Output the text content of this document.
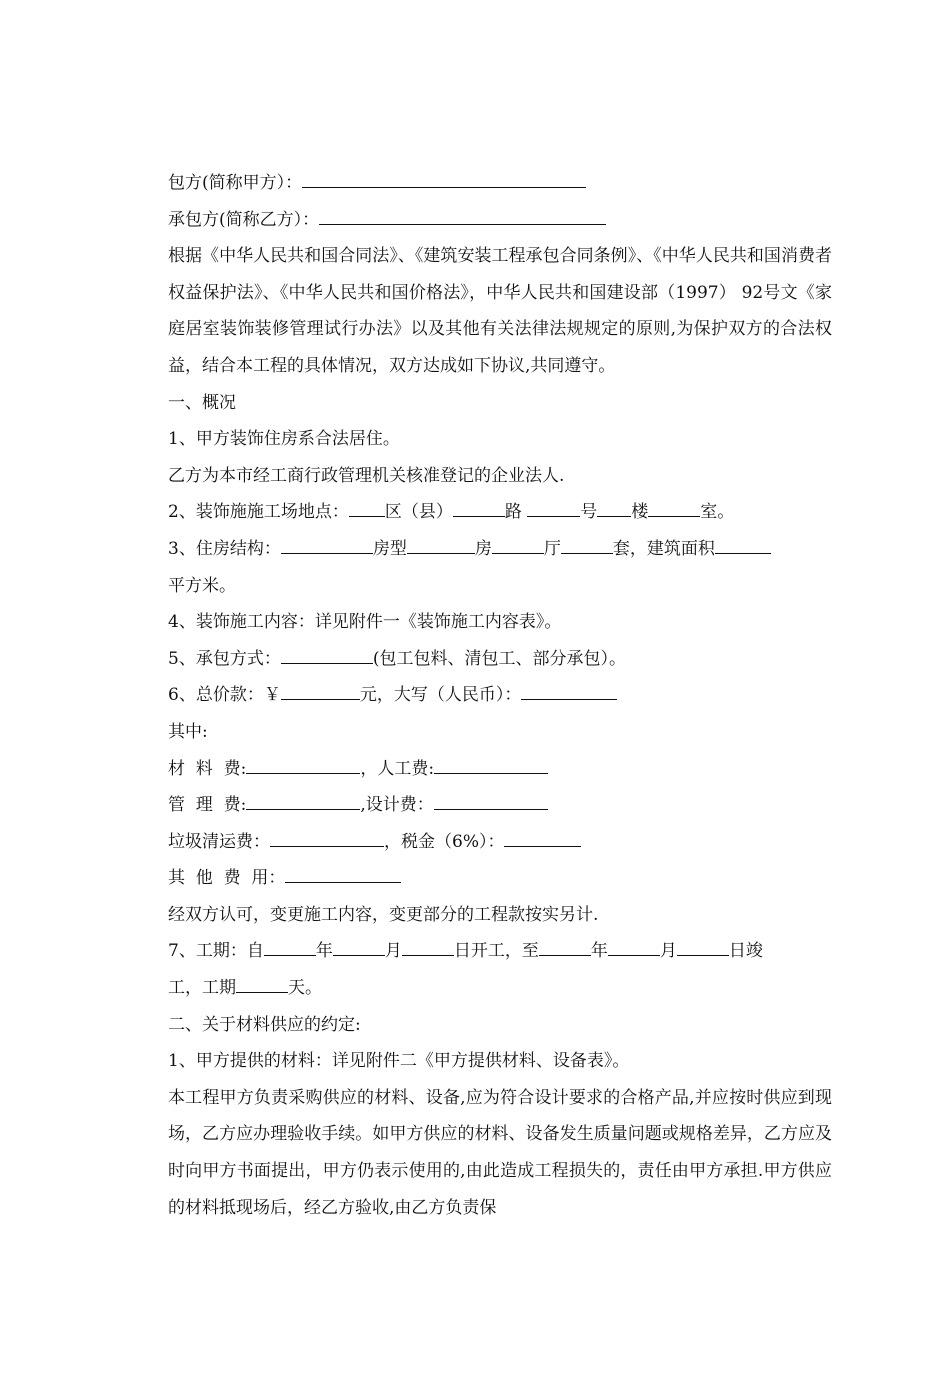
包方(简称甲方）：
承包方(简称乙方）：
根据《中华人民共和国合同法》、《建筑安装工程承包合同条例》、《中华人民共和国消费者权益保护法》、《中华人民共和国价格法》，中华人民共和国建设部（1997） 92号文《家庭居室装饰装修管理试行办法》以及其他有关法律法规规定的原则,为保护双方的合法权益，结合本工程的具体情况，双方达成如下协议,共同遵守。
一、概况
1、甲方装饰住房系合法居住。
乙方为本市经工商行政管理机关核准登记的企业法人.
2、装饰施施工场地点： 区（县）	路	号 楼	室。
3、住房结构：	房型	房	厅	套，建筑面积
平方米。
4、装饰施工内容：详见附件一《装饰施工内容表》。
5、承包方式：	(包工包料、清包工、部分承包）。
6、总价款：￥	元，大写（人民币）：
其中:
材  料  费:	，人工费:
管  理  费:	,设计费：
垃圾清运费：	，税金（6%）：
其  他  费  用：
经双方认可，变更施工内容，变更部分的工程款按实另计.
7、工期：自	年	月	日开工，至	年	月	日竣
工，工期	天。
二、关于材料供应的约定:
1、甲方提供的材料：详见附件二《甲方提供材料、设备表》。
本工程甲方负责采购供应的材料、设备,应为符合设计要求的合格产品,并应按时供应到现场，乙方应办理验收手续。如甲方供应的材料、设备发生质量问题或规格差异，乙方应及时向甲方书面提出，甲方仍表示使用的,由此造成工程损失的，责任由甲方承担.甲方供应的材料抵现场后，经乙方验收,由乙方负责保
